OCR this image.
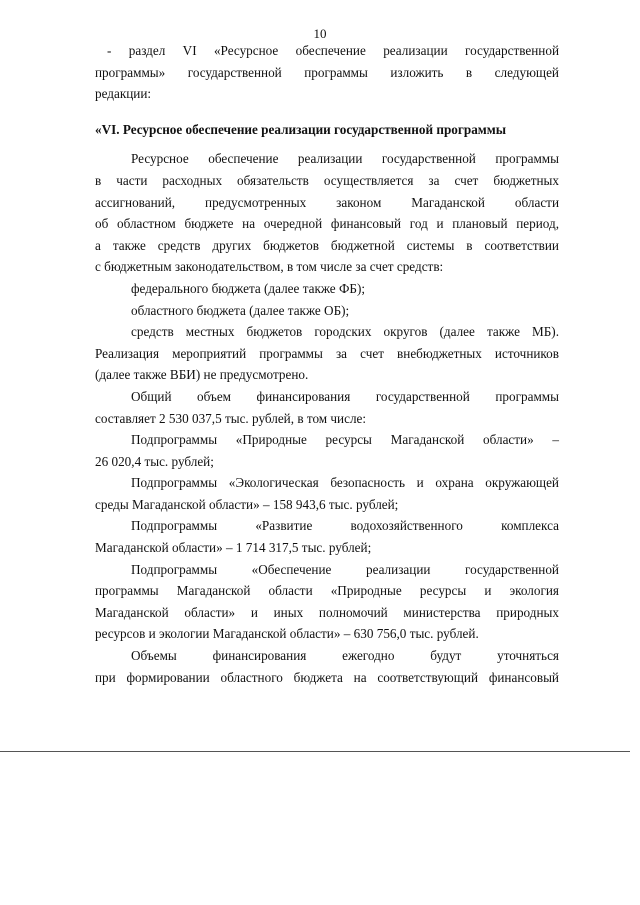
10

- раздел VI «Ресурсное обеспечение реализации государственной

программы» государственной программы изложить в следующей

редакции:

«VI. Ресурсное обеспечение реализации государственной программы

Ресурсное обеспечение реализации государственной программы

в части расходных обязательств осуществляется за счет бюджетных

ассигнований, предусмотренных законом Магаданской области

об областном бюджете на очередной финансовый год и плановый период,

а также средств других бюджетов бюджетной системы в соответствии

с бюджетным законодательством, в том числе за счет средств:

федерального бюджета (далее также ФБ);

областного бюджета (далее также ОБ);

средств местных бюджетов городских округов (далее также МБ).

Реализация мероприятий программы за счет внебюджетных источников

(далее также ВБИ) не предусмотрено.

Общий объем финансирования государственной программы

составляет 2 530 037,5 тыс. рублей, в том числе:

Подпрограммы «Природные ресурсы Магаданской области» –

26 020,4 тыс. рублей;

Подпрограммы «Экологическая безопасность и охрана окружающей

среды Магаданской области» – 158 943,6 тыс. рублей;

Подпрограммы «Развитие водохозяйственного комплекса

Магаданской области» – 1 714 317,5 тыс. рублей;

Подпрограммы «Обеспечение реализации государственной

программы Магаданской области «Природные ресурсы и экология

Магаданской области» и иных полномочий министерства природных

ресурсов и экологии Магаданской области» – 630 756,0 тыс. рублей.

Объемы финансирования ежегодно будут уточняться

при формировании областного бюджета на соответствующий финансовый
